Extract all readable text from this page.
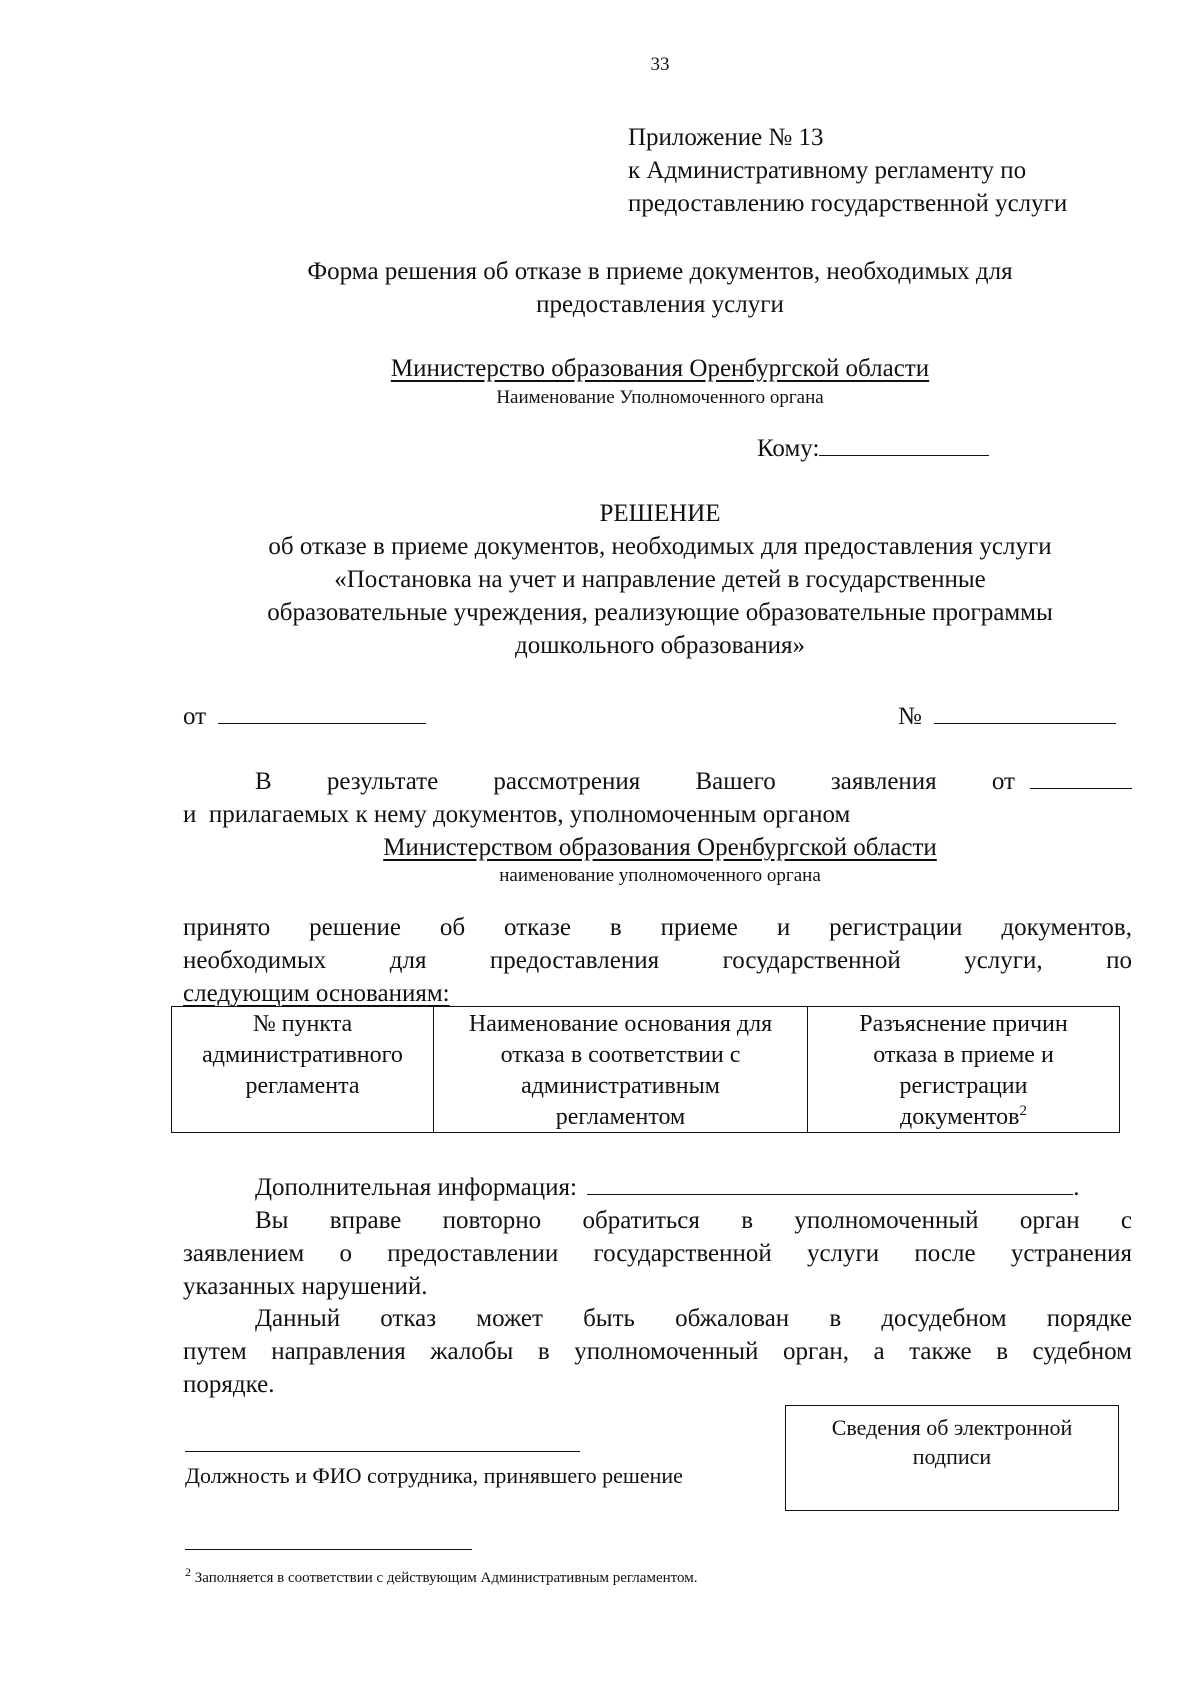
33
Приложение № 13
к Административному регламенту по
предоставлению государственной услуги
Форма решения об отказе в приеме документов, необходимых для
предоставления услуги
Министерство образования Оренбургской области
Наименование Уполномоченного органа
Кому:
РЕШЕНИЕ
об отказе в приеме документов, необходимых для предоставления услуги
«Постановка на учет и направление детей в государственные
образовательные учреждения, реализующие образовательные программы
дошкольного образования»
от	№
В результате рассмотрения Вашего заявления от
и  прилагаемых к нему документов, уполномоченным органом
Министерством образования Оренбургской области
наименование уполномоченного органа
принято решение об отказе в приеме и регистрации документов,
необходимых для предоставления государственной услуги, по
следующим основаниям:
№ пункта
административного
регламента
Наименование основания для
отказа в соответствии с
административным
регламентом
Разъяснение причин
отказа в приеме и
регистрации
документов$^2$
Дополнительная информация:	.
Вы вправе повторно обратиться в уполномоченный орган с
заявлением о предоставлении государственной услуги после устранения
указанных нарушений.
Данный отказ может быть обжалован в досудебном порядке
путем направления жалобы в уполномоченный орган, а также в судебном
порядке.
Должность и ФИО сотрудника, принявшего решение
Сведения об электронной
подписи
$^2$ Заполняется в соответствии с действующим Административным регламентом.
